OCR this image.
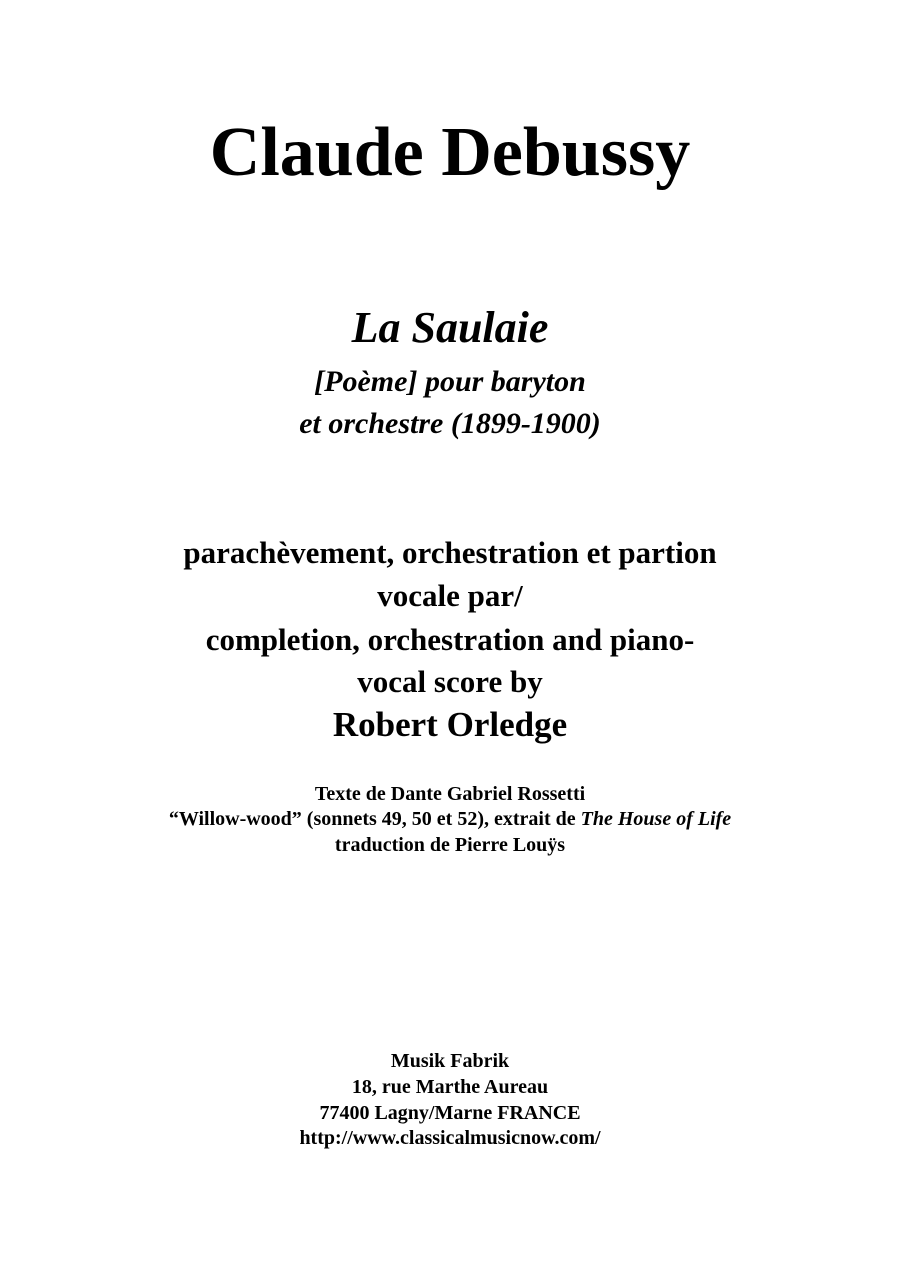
Claude Debussy
La Saulaie
[Poème] pour baryton
et orchestre (1899-1900)
parachèvement, orchestration et partion
vocale par/
completion, orchestration and piano-
vocal score by
Robert Orledge
Texte de Dante Gabriel Rossetti
“Willow-wood” (sonnets 49, 50 et 52), extrait de The House of Life
traduction de Pierre Louÿs
Musik Fabrik
18, rue Marthe Aureau
77400 Lagny/Marne FRANCE
http://www.classicalmusicnow.com/
